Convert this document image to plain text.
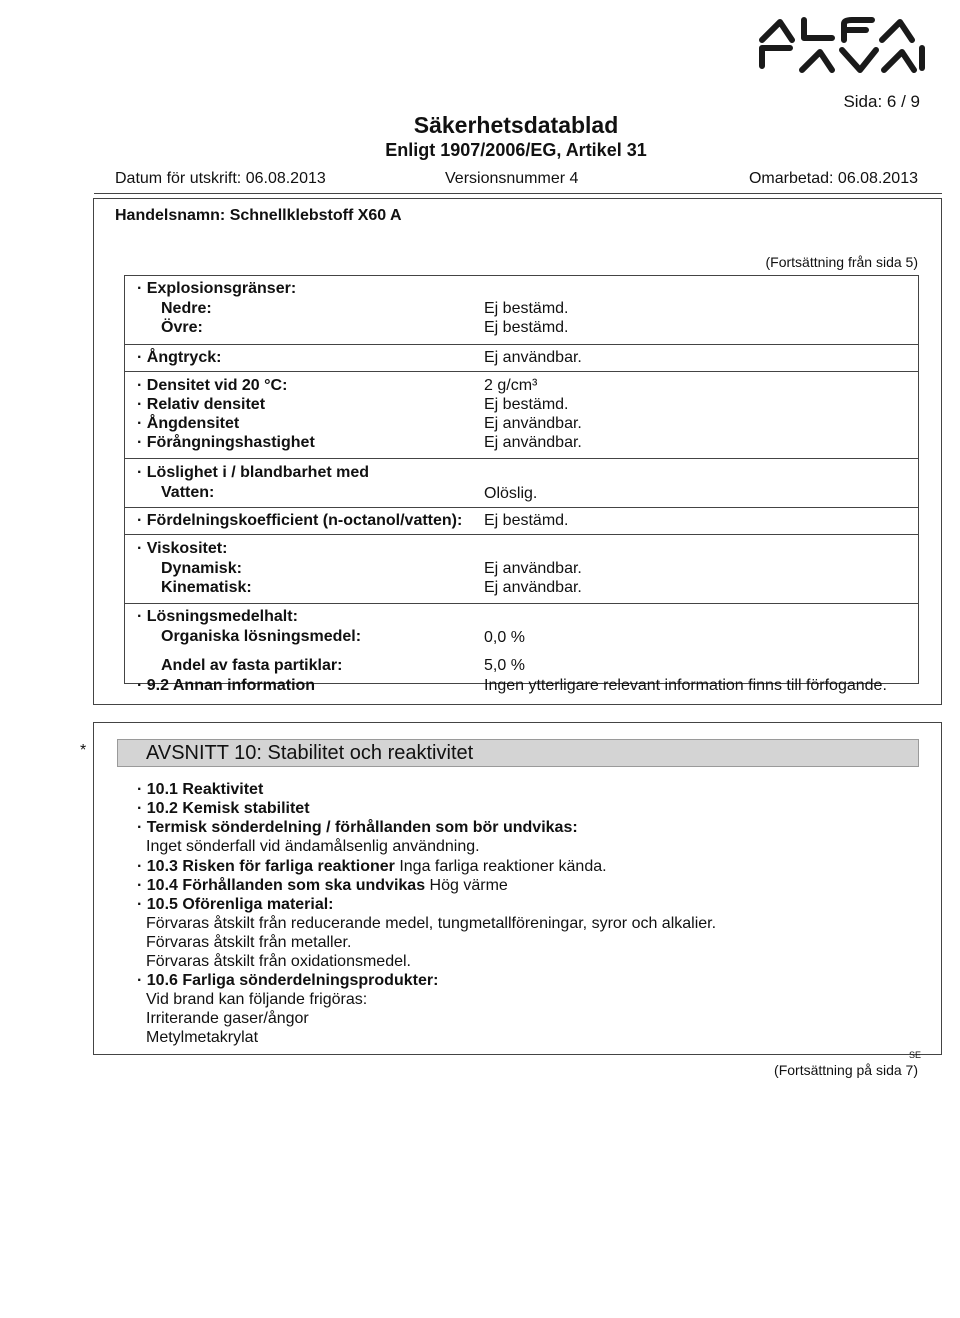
Sida: 6 / 9
Säkerhetsdatablad
Enligt 1907/2006/EG, Artikel 31
Datum för utskrift: 06.08.2013	Versionsnummer 4	Omarbetad: 06.08.2013
Handelsnamn: Schnellklebstoff X60 A
(Fortsättning från sida 5)
· Explosionsgränser:
Nedre:	Ej bestämd.
Övre:	Ej bestämd.
· Ångtryck:	Ej användbar.
· Densitet vid 20 °C:	2 g/cm³
· Relativ densitet	Ej bestämd.
· Ångdensitet	Ej användbar.
· Förångningshastighet	Ej användbar.
· Löslighet i / blandbarhet med
Vatten:	Olöslig.
· Fördelningskoefficient (n-octanol/vatten): Ej bestämd.
· Viskositet:
Dynamisk:	Ej användbar.
Kinematisk:	Ej användbar.
· Lösningsmedelhalt:
Organiska lösningsmedel:	0,0 %
Andel av fasta partiklar:	5,0 %
· 9.2 Annan information	Ingen ytterligare relevant information finns till förfogande.
*	AVSNITT 10: Stabilitet och reaktivitet
· 10.1 Reaktivitet
· 10.2 Kemisk stabilitet
· Termisk sönderdelning / förhållanden som bör undvikas:
Inget sönderfall vid ändamålsenlig användning.
· 10.3 Risken för farliga reaktioner Inga farliga reaktioner kända.
· 10.4 Förhållanden som ska undvikas Hög värme
· 10.5 Oförenliga material:
Förvaras åtskilt från reducerande medel, tungmetallföreningar, syror och alkalier.
Förvaras åtskilt från metaller.
Förvaras åtskilt från oxidationsmedel.
· 10.6 Farliga sönderdelningsprodukter:
Vid brand kan följande frigöras:
Irriterande gaser/ångor
Metylmetakrylat
SE
(Fortsättning på sida 7)
